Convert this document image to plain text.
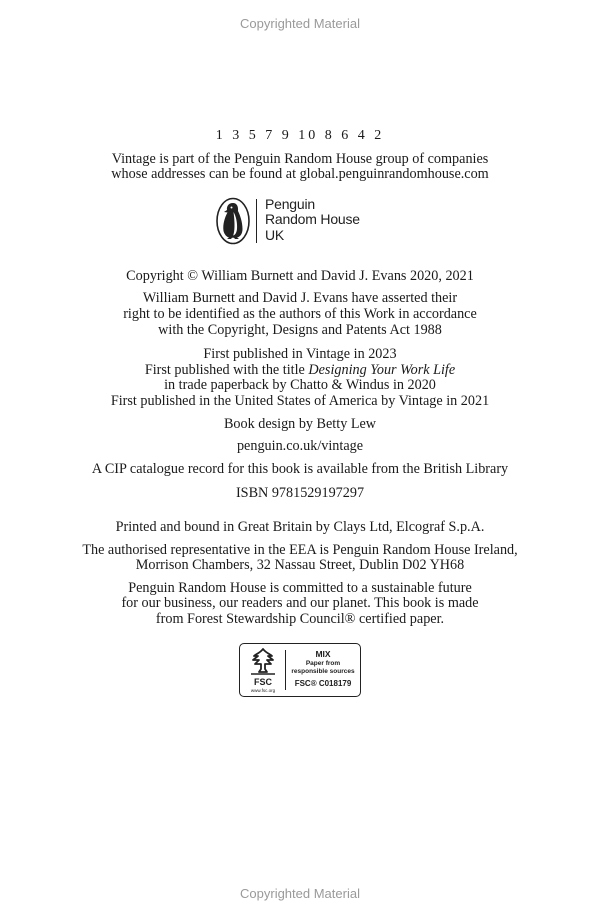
Copyrighted Material
1 3 5 7 9 10 8 6 4 2
Vintage is part of the Penguin Random House group of companies
whose addresses can be found at global.penguinrandomhouse.com
Penguin
Random House
UK
Copyright © William Burnett and David J. Evans 2020, 2021
William Burnett and David J. Evans have asserted their
right to be identified as the authors of this Work in accordance
with the Copyright, Designs and Patents Act 1988
First published in Vintage in 2023
First published with the title Designing Your Work Life
in trade paperback by Chatto & Windus in 2020
First published in the United States of America by Vintage in 2021
Book design by Betty Lew
penguin.co.uk/vintage
A CIP catalogue record for this book is available from the British Library
ISBN 9781529197297
Printed and bound in Great Britain by Clays Ltd, Elcograf S.p.A.
The authorised representative in the EEA is Penguin Random House Ireland,
Morrison Chambers, 32 Nassau Street, Dublin D02 YH68
Penguin Random House is committed to a sustainable future
for our business, our readers and our planet. This book is made
from Forest Stewardship Council® certified paper.
FSC
www.fsc.org
MIX
Paper from
responsible sources
FSC® C018179
Copyrighted Material
